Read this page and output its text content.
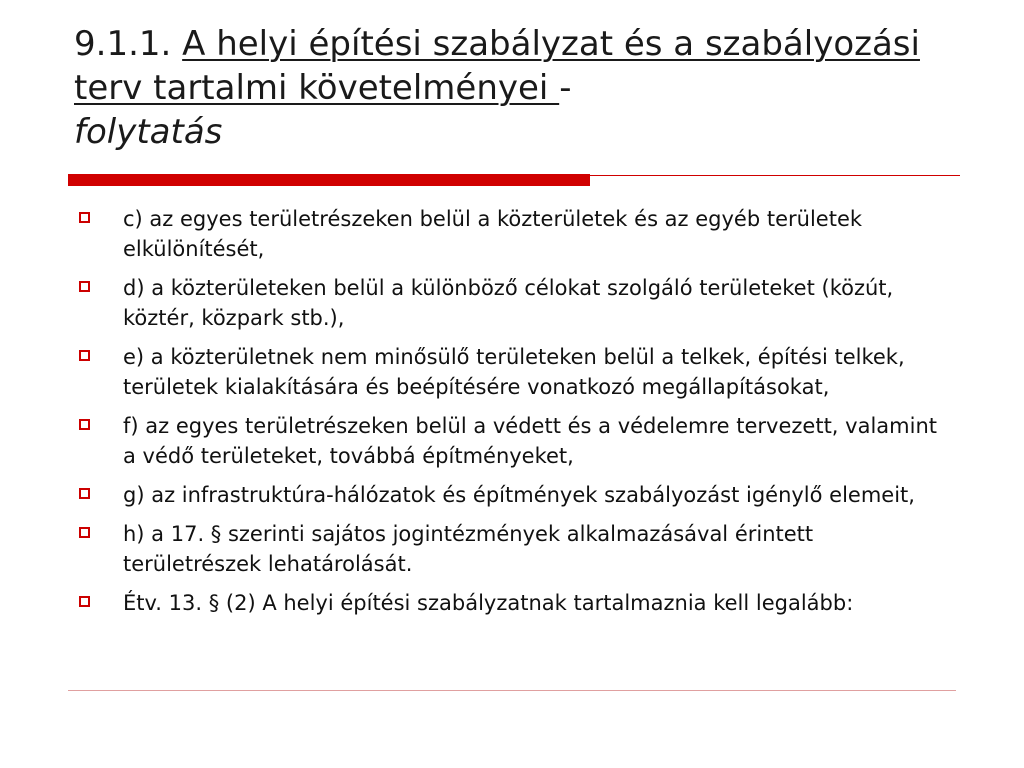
9.1.1. A helyi építési szabályzat és a szabályozási terv tartalmi követelményei -
folytatás
c) az egyes területrészeken belül a közterületek és az egyéb területek elkülönítését,
d) a közterületeken belül a különböző célokat szolgáló területeket (közút, köztér, közpark stb.),
e) a közterületnek nem minősülő területeken belül a telkek, építési telkek, területek kialakítására és beépítésére vonatkozó megállapításokat,
f) az egyes területrészeken belül a védett és a védelemre tervezett, valamint a védő területeket, továbbá építményeket,
g) az infrastruktúra-hálózatok és építmények szabályozást igénylő elemeit,
h) a 17. § szerinti sajátos jogintézmények alkalmazásával érintett területrészek lehatárolását.
Étv. 13. § (2) A helyi építési szabályzatnak tartalmaznia kell legalább:
